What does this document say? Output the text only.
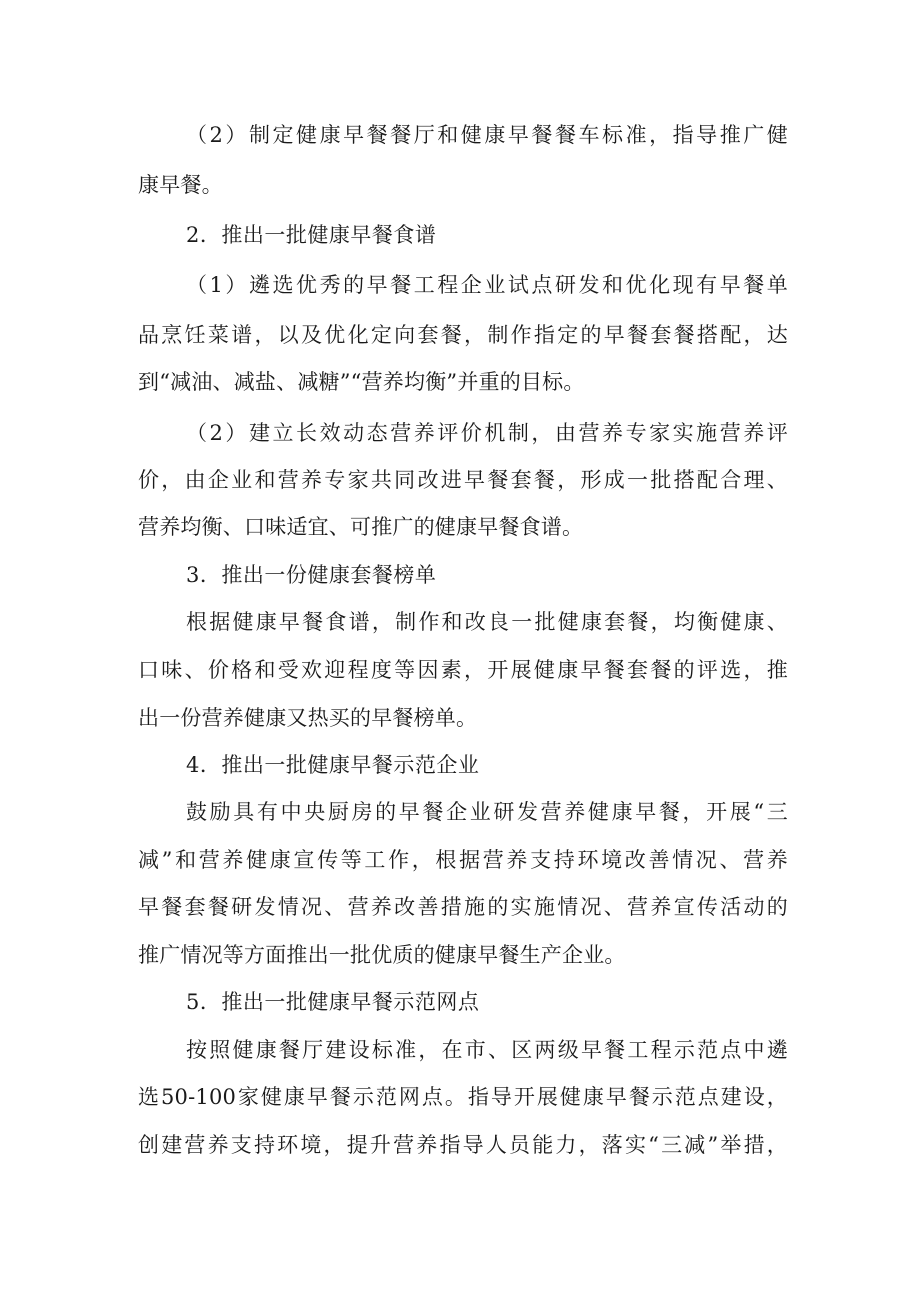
（2）制定健康早餐餐厅和健康早餐餐车标准，指导推广健
康早餐。
2．推出一批健康早餐食谱
（1）遴选优秀的早餐工程企业试点研发和优化现有早餐单
品烹饪菜谱，以及优化定向套餐，制作指定的早餐套餐搭配，达
到“减油、减盐、减糖”“营养均衡”并重的目标。
（2）建立长效动态营养评价机制，由营养专家实施营养评
价，由企业和营养专家共同改进早餐套餐，形成一批搭配合理、
营养均衡、口味适宜、可推广的健康早餐食谱。
3．推出一份健康套餐榜单
根据健康早餐食谱，制作和改良一批健康套餐，均衡健康、
口味、价格和受欢迎程度等因素，开展健康早餐套餐的评选，推
出一份营养健康又热买的早餐榜单。
4．推出一批健康早餐示范企业
鼓励具有中央厨房的早餐企业研发营养健康早餐，开展“三
减”和营养健康宣传等工作，根据营养支持环境改善情况、营养
早餐套餐研发情况、营养改善措施的实施情况、营养宣传活动的
推广情况等方面推出一批优质的健康早餐生产企业。
5．推出一批健康早餐示范网点
按照健康餐厅建设标准，在市、区两级早餐工程示范点中遴
选50-100家健康早餐示范网点。指导开展健康早餐示范点建设，
创建营养支持环境，提升营养指导人员能力，落实“三减”举措，
